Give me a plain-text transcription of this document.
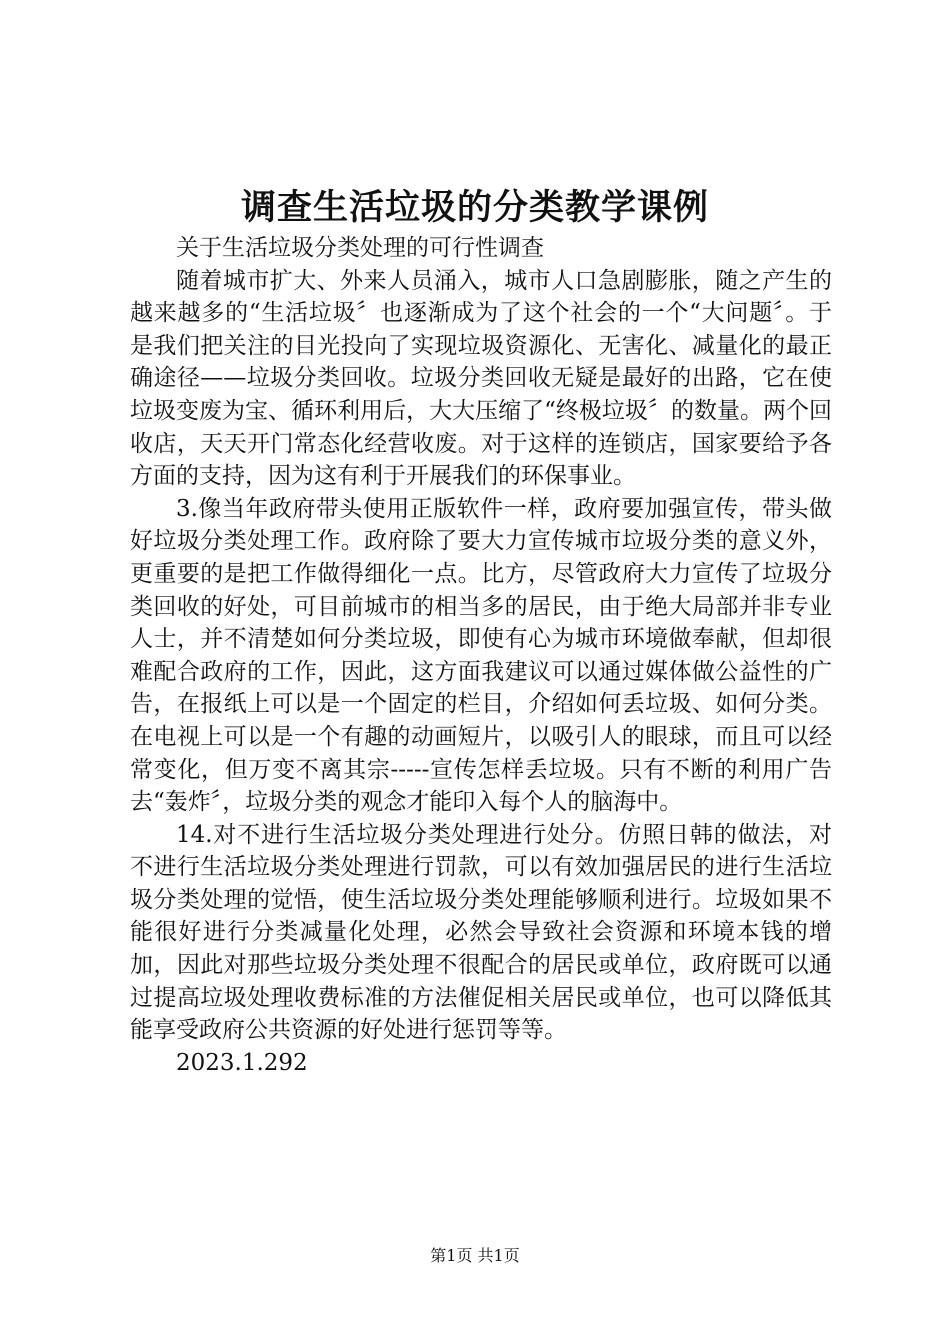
调查生活垃圾的分类教学课例

关于生活垃圾分类处理的可行性调查

随着城市扩大、外来人员涌入，城市人口急剧膨胀，随之产生的越来越多的“生活垃圾〞也逐渐成为了这个社会的一个“大问题〞。于是我们把关注的目光投向了实现垃圾资源化、无害化、减量化的最正确途径——垃圾分类回收。垃圾分类回收无疑是最好的出路，它在使垃圾变废为宝、循环利用后，大大压缩了“终极垃圾〞的数量。两个回收店，天天开门常态化经营收废。对于这样的连锁店，国家要给予各方面的支持，因为这有利于开展我们的环保事业。

3.像当年政府带头使用正版软件一样，政府要加强宣传，带头做好垃圾分类处理工作。政府除了要大力宣传城市垃圾分类的意义外，更重要的是把工作做得细化一点。比方，尽管政府大力宣传了垃圾分类回收的好处，可目前城市的相当多的居民，由于绝大局部并非专业人士，并不清楚如何分类垃圾，即使有心为城市环境做奉献，但却很难配合政府的工作，因此，这方面我建议可以通过媒体做公益性的广告，在报纸上可以是一个固定的栏目，介绍如何丢垃圾、如何分类。在电视上可以是一个有趣的动画短片，以吸引人的眼球，而且可以经常变化，但万变不离其宗-----宣传怎样丢垃圾。只有不断的利用广告去“轰炸〞，垃圾分类的观念才能印入每个人的脑海中。

14.对不进行生活垃圾分类处理进行处分。仿照日韩的做法，对不进行生活垃圾分类处理进行罚款，可以有效加强居民的进行生活垃圾分类处理的觉悟，使生活垃圾分类处理能够顺利进行。垃圾如果不能很好进行分类减量化处理，必然会导致社会资源和环境本钱的增加，因此对那些垃圾分类处理不很配合的居民或单位，政府既可以通过提高垃圾处理收费标准的方法催促相关居民或单位，也可以降低其能享受政府公共资源的好处进行惩罚等等。

2023.1.292

第1页 共1页
